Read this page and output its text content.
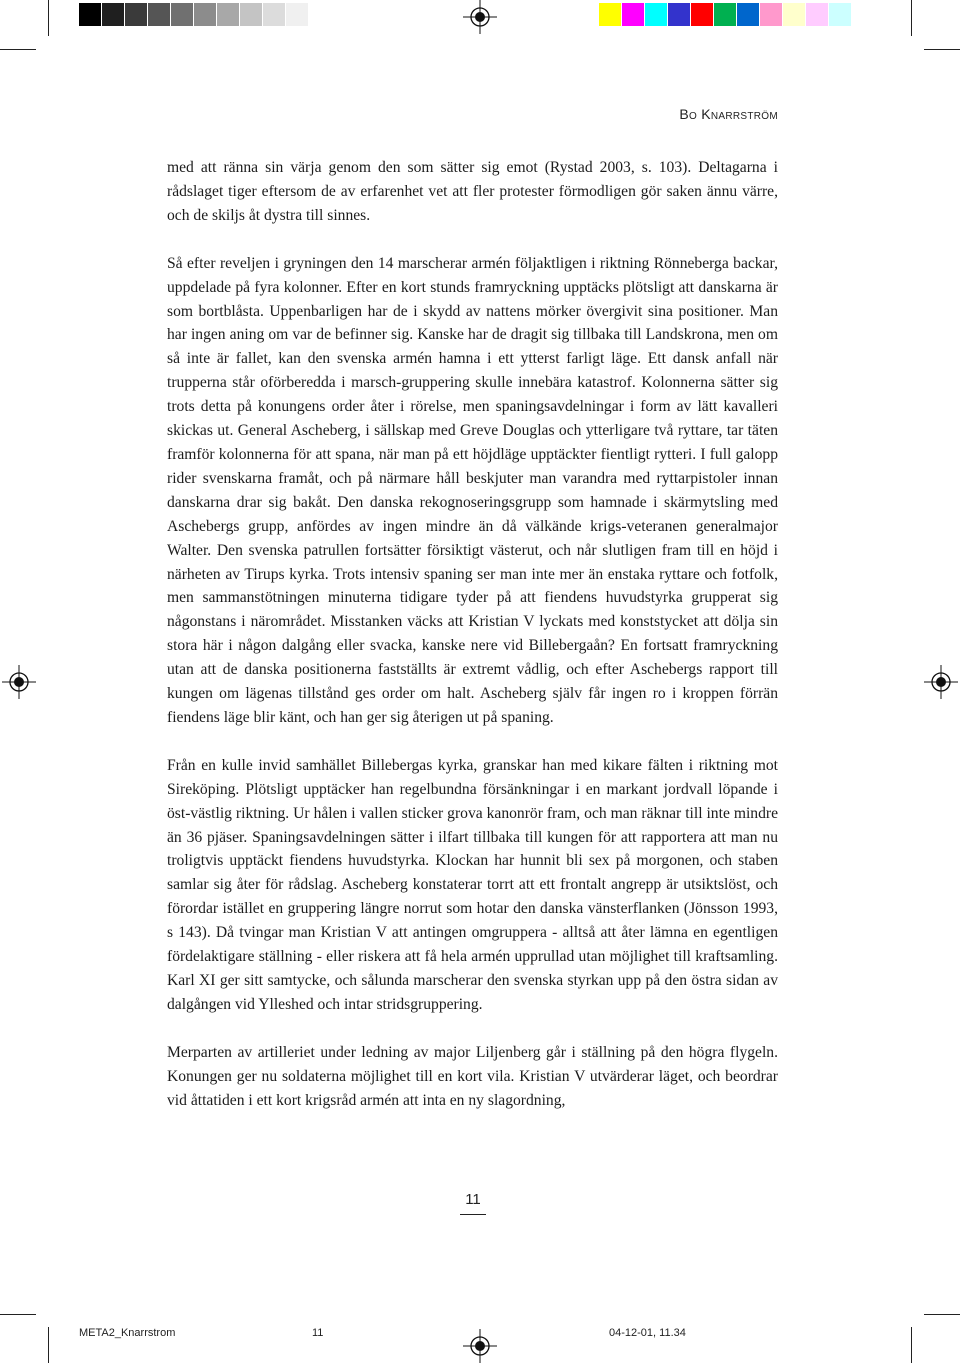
Bo Knarrström

med att ränna sin värja genom den som sätter sig emot (Rystad 2003, s. 103). Deltagarna i rådslaget tiger eftersom de av erfarenhet vet att fler protester förmodligen gör saken ännu värre, och de skiljs åt dystra till sinnes.

Så efter reveljen i gryningen den 14 marscherar armén följaktligen i riktning Rönneberga backar, uppdelade på fyra kolonner. Efter en kort stunds framryckning upptäcks plötsligt att danskarna är som bortblåsta. Uppenbarligen har de i skydd av nattens mörker övergivit sina positioner. Man har ingen aning om var de befinner sig. Kanske har de dragit sig tillbaka till Landskrona, men om så inte är fallet, kan den svenska armén hamna i ett ytterst farligt läge. Ett dansk anfall när trupperna står oförberedda i marsch-gruppering skulle innebära katastrof. Kolonnerna sätter sig trots detta på konungens order åter i rörelse, men spaningsavdelningar i form av lätt kavalleri skickas ut. General Ascheberg, i sällskap med Greve Douglas och ytterligare två ryttare, tar täten framför kolonnerna för att spana, när man på ett höjdläge upptäckter fientligt rytteri. I full galopp rider svenskarna framåt, och på närmare håll beskjuter man varandra med ryttarpistoler innan danskarna drar sig bakåt. Den danska rekognoseringsgrupp som hamnade i skärmytsling med Aschebergs grupp, anfördes av ingen mindre än då välkände krigs-veteranen generalmajor Walter. Den svenska patrullen fortsätter försiktigt västerut, och når slutligen fram till en höjd i närheten av Tirups kyrka. Trots intensiv spaning ser man inte mer än enstaka ryttare och fotfolk, men sammanstötningen minuterna tidigare tyder på att fiendens huvudstyrka grupperat sig någonstans i närområdet. Misstanken väcks att Kristian V lyckats med konststycket att dölja sin stora här i någon dalgång eller svacka, kanske nere vid Billebergaån? En fortsatt framryckning utan att de danska positionerna fastställts är extremt vådlig, och efter Aschebergs rapport till kungen om lägenas tillstånd ges order om halt. Ascheberg själv får ingen ro i kroppen förrän fiendens läge blir känt, och han ger sig återigen ut på spaning.

Från en kulle invid samhället Billebergas kyrka, granskar han med kikare fälten i riktning mot Sireköping. Plötsligt upptäcker han regelbundna försänkningar i en markant jordvall löpande i öst-västlig riktning. Ur hålen i vallen sticker grova kanonrör fram, och man räknar till inte mindre än 36 pjäser. Spaningsavdelningen sätter i ilfart tillbaka till kungen för att rapportera att man nu troligtvis upptäckt fiendens huvudstyrka. Klockan har hunnit bli sex på morgonen, och staben samlar sig åter för rådslag. Ascheberg konstaterar torrt att ett frontalt angrepp är utsiktslöst, och förordar istället en gruppering längre norrut som hotar den danska vänsterflanken (Jönsson 1993, s 143). Då tvingar man Kristian V att antingen omgruppera - alltså att åter lämna en egentligen fördelaktigare ställning - eller riskera att få hela armén upprullad utan möjlighet till kraftsamling. Karl XI ger sitt samtycke, och sålunda marscherar den svenska styrkan upp på den östra sidan av dalgången vid Ylleshed och intar stridsgruppering.

Merparten av artilleriet under ledning av major Liljenberg går i ställning på den högra flygeln. Konungen ger nu soldaterna möjlighet till en kort vila. Kristian V utvärderar läget, och beordrar vid åttatiden i ett kort krigsråd armén att inta en ny slagordning,

11
META2_Knarrstrom	11	04-12-01, 11.34
